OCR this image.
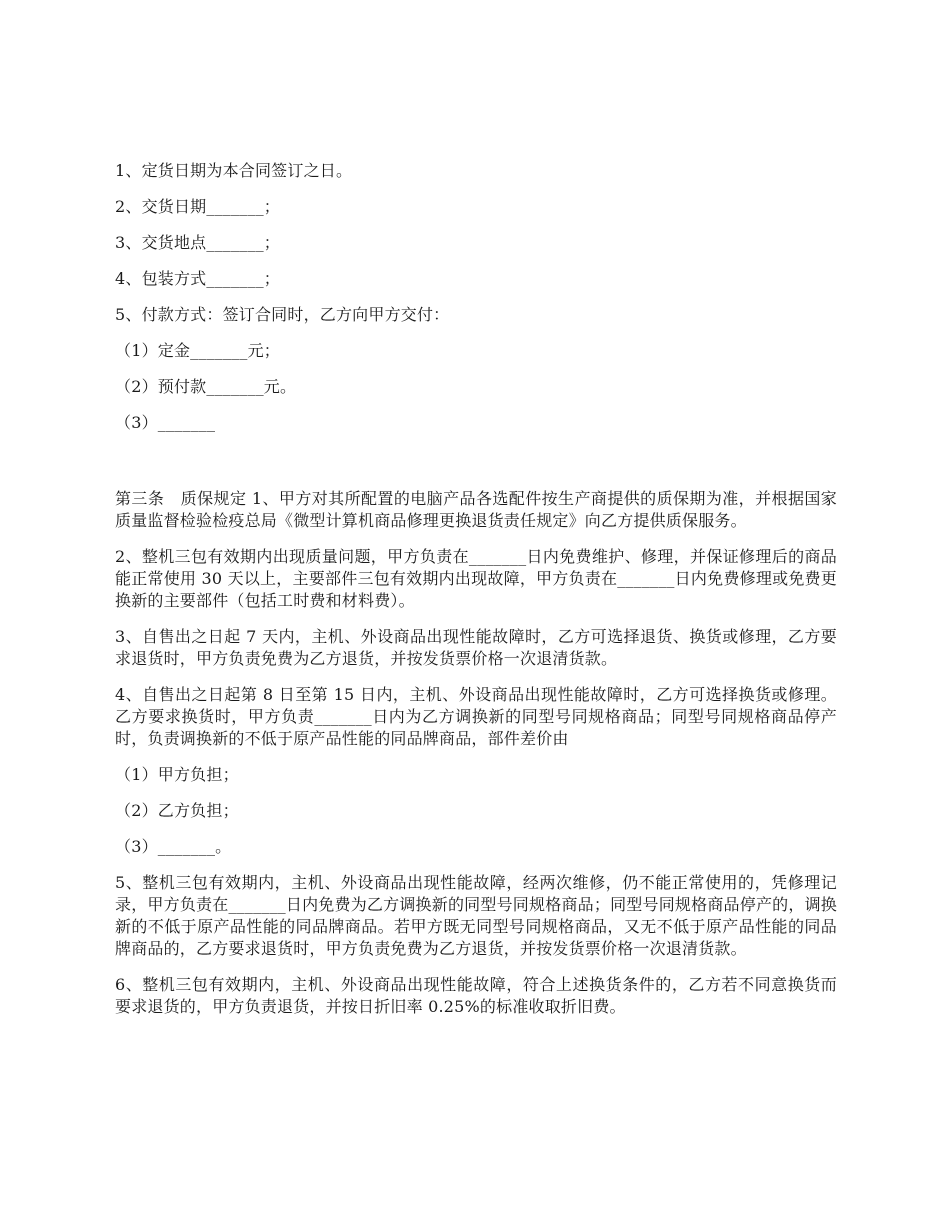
1、定货日期为本合同签订之日。

2、交货日期_______；

3、交货地点_______；

4、包装方式_______；

5、付款方式：签订合同时，乙方向甲方交付：

（1）定金_______元；

（2）预付款_______元。

（3）_______

第三条　质保规定 1、甲方对其所配置的电脑产品各选配件按生产商提供的质保期为准，并根据国家质量监督检验检疫总局《微型计算机商品修理更换退货责任规定》向乙方提供质保服务。

2、整机三包有效期内出现质量问题，甲方负责在_______日内免费维护、修理，并保证修理后的商品能正常使用 30 天以上，主要部件三包有效期内出现故障，甲方负责在_______日内免费修理或免费更换新的主要部件（包括工时费和材料费）。

3、自售出之日起 7 天内，主机、外设商品出现性能故障时，乙方可选择退货、换货或修理，乙方要求退货时，甲方负责免费为乙方退货，并按发货票价格一次退清货款。

4、自售出之日起第 8 日至第 15 日内，主机、外设商品出现性能故障时，乙方可选择换货或修理。乙方要求换货时，甲方负责_______日内为乙方调换新的同型号同规格商品；同型号同规格商品停产时，负责调换新的不低于原产品性能的同品牌商品，部件差价由

（1）甲方负担；

（2）乙方负担；

（3）_______。

5、整机三包有效期内，主机、外设商品出现性能故障，经两次维修，仍不能正常使用的，凭修理记录，甲方负责在_______日内免费为乙方调换新的同型号同规格商品；同型号同规格商品停产的，调换新的不低于原产品性能的同品牌商品。若甲方既无同型号同规格商品，又无不低于原产品性能的同品牌商品的，乙方要求退货时，甲方负责免费为乙方退货，并按发货票价格一次退清货款。

6、整机三包有效期内，主机、外设商品出现性能故障，符合上述换货条件的，乙方若不同意换货而要求退货的，甲方负责退货，并按日折旧率 0.25%的标准收取折旧费。
